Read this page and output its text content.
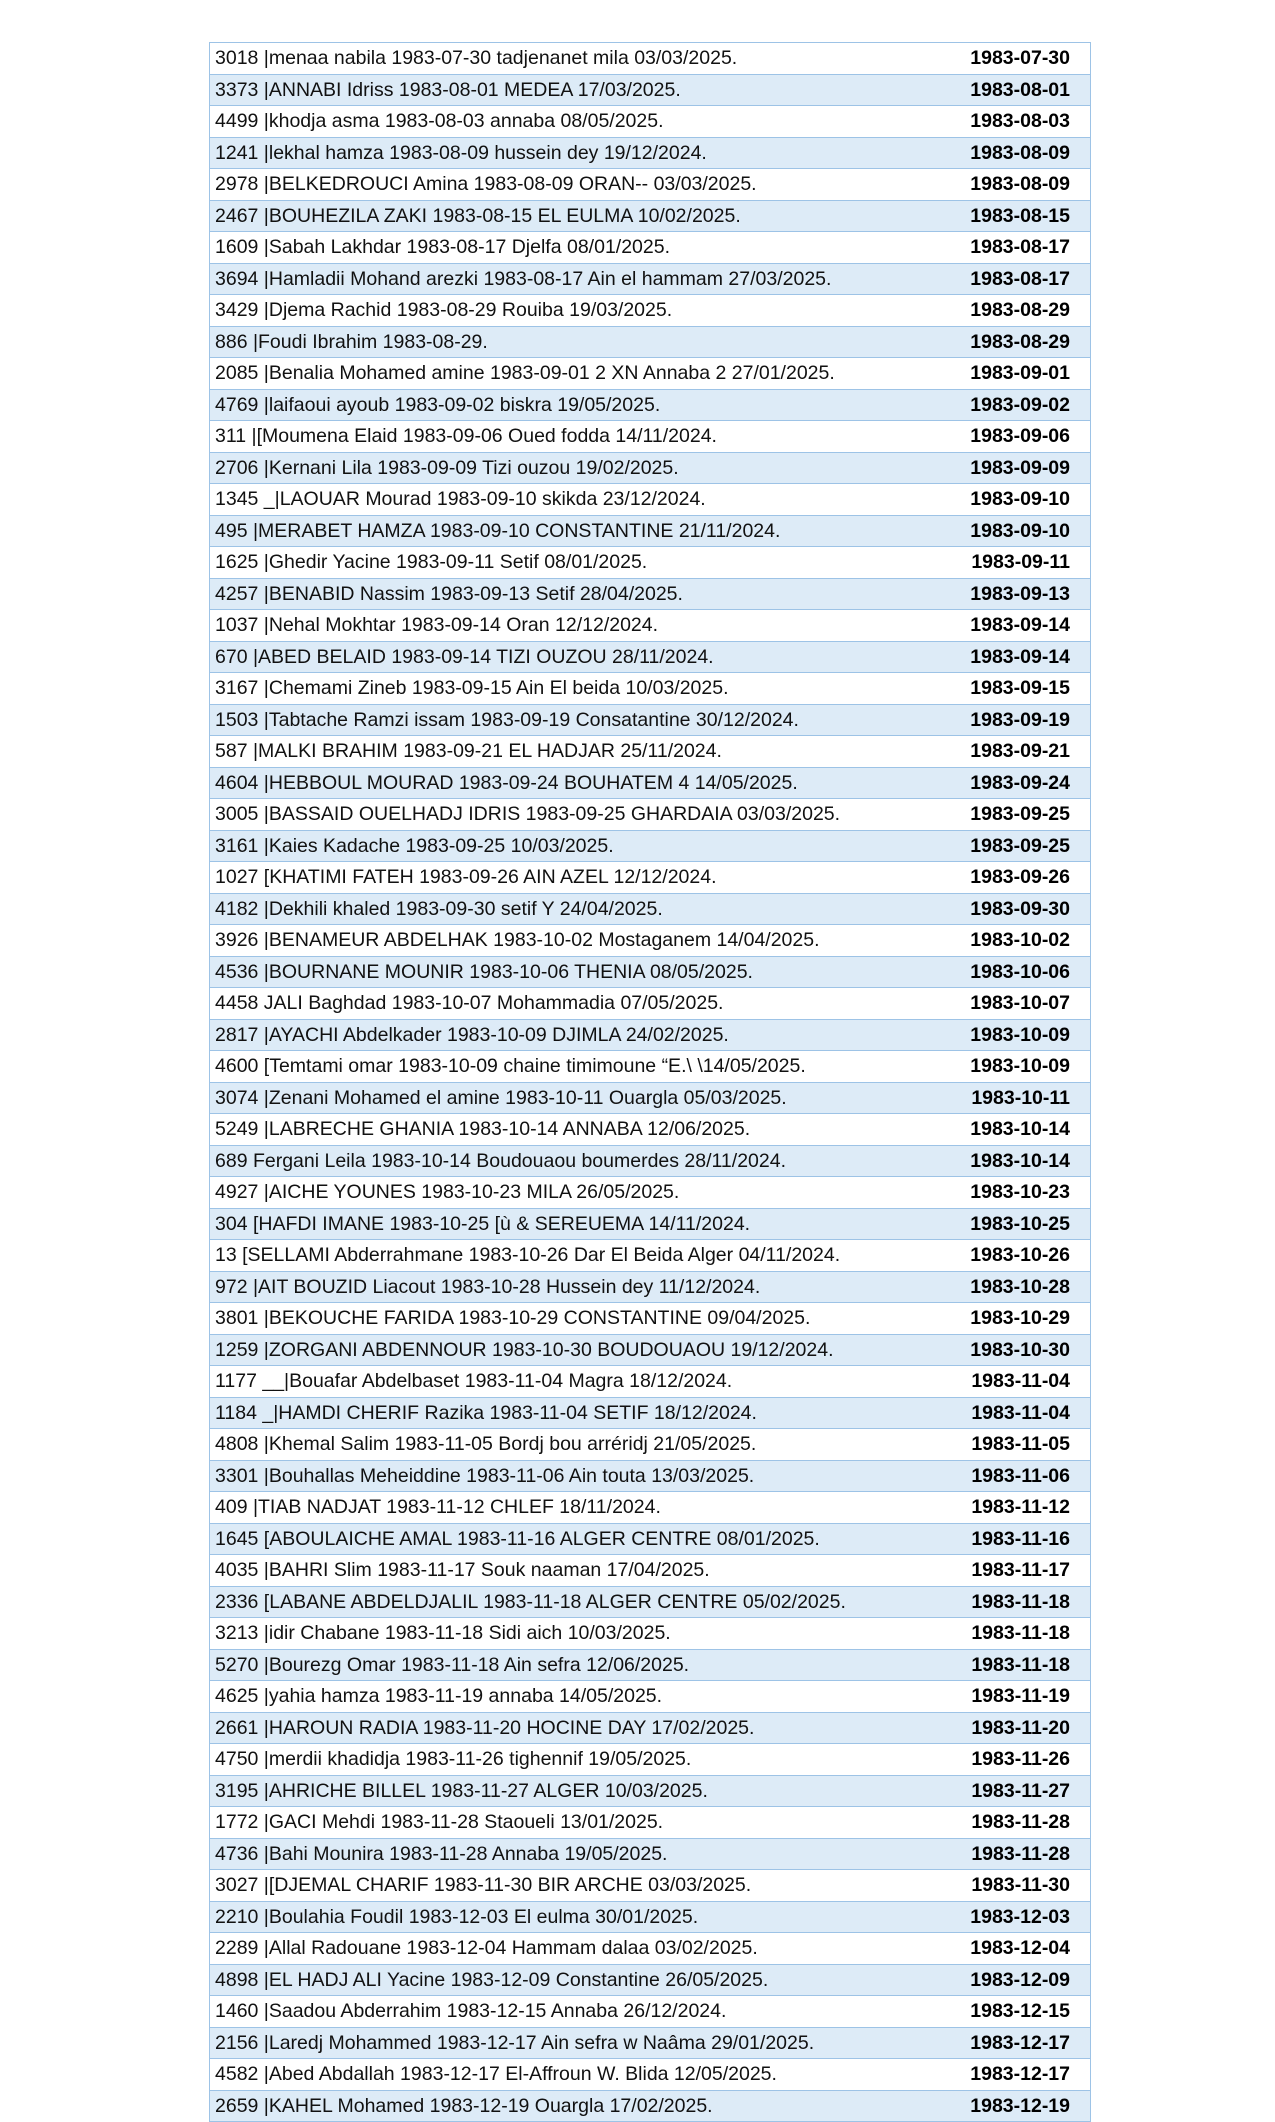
3018 |menaa nabila 1983-07-30 tadjenanet mila 03/03/2025.	1983-07-30
3373 |ANNABI Idriss 1983-08-01 MEDEA 17/03/2025.	1983-08-01
4499 |khodja asma 1983-08-03 annaba 08/05/2025.	1983-08-03
1241 |lekhal hamza 1983-08-09 hussein dey 19/12/2024.	1983-08-09
2978 |BELKEDROUCI Amina 1983-08-09 ORAN-- 03/03/2025.	1983-08-09
2467 |BOUHEZILA ZAKI 1983-08-15 EL EULMA 10/02/2025.	1983-08-15
1609 |Sabah Lakhdar 1983-08-17 Djelfa 08/01/2025.	1983-08-17
3694 |Hamladii Mohand arezki 1983-08-17 Ain el hammam 27/03/2025.	1983-08-17
3429 |Djema Rachid 1983-08-29 Rouiba 19/03/2025.	1983-08-29
886 |Foudi Ibrahim 1983-08-29.	1983-08-29
2085 |Benalia Mohamed amine 1983-09-01 2 XN Annaba 2 27/01/2025.	1983-09-01
4769 |laifaoui ayoub 1983-09-02 biskra 19/05/2025.	1983-09-02
311 |[Moumena Elaid 1983-09-06 Oued fodda 14/11/2024.	1983-09-06
2706 |Kernani Lila 1983-09-09 Tizi ouzou 19/02/2025.	1983-09-09
1345 _|LAOUAR Mourad 1983-09-10 skikda 23/12/2024.	1983-09-10
495 |MERABET HAMZA 1983-09-10 CONSTANTINE 21/11/2024.	1983-09-10
1625 |Ghedir Yacine 1983-09-11 Setif 08/01/2025.	1983-09-11
4257 |BENABID Nassim 1983-09-13 Setif 28/04/2025.	1983-09-13
1037 |Nehal Mokhtar 1983-09-14 Oran 12/12/2024.	1983-09-14
670 |ABED BELAID 1983-09-14 TIZI OUZOU 28/11/2024.	1983-09-14
3167 |Chemami Zineb 1983-09-15 Ain El beida 10/03/2025.	1983-09-15
1503 |Tabtache Ramzi issam 1983-09-19 Consatantine 30/12/2024.	1983-09-19
587 |MALKI BRAHIM 1983-09-21 EL HADJAR 25/11/2024.	1983-09-21
4604 |HEBBOUL MOURAD 1983-09-24 BOUHATEM 4 14/05/2025.	1983-09-24
3005 |BASSAID OUELHADJ IDRIS 1983-09-25 GHARDAIA 03/03/2025.	1983-09-25
3161 |Kaies Kadache 1983-09-25 10/03/2025.	1983-09-25
1027 [KHATIMI FATEH 1983-09-26 AIN AZEL 12/12/2024.	1983-09-26
4182 |Dekhili khaled 1983-09-30 setif Y 24/04/2025.	1983-09-30
3926 |BENAMEUR ABDELHAK 1983-10-02 Mostaganem 14/04/2025.	1983-10-02
4536 |BOURNANE MOUNIR 1983-10-06 THENIA 08/05/2025.	1983-10-06
4458 JALI Baghdad 1983-10-07 Mohammadia 07/05/2025.	1983-10-07
2817 |AYACHI Abdelkader 1983-10-09 DJIMLA 24/02/2025.	1983-10-09
4600 [Temtami omar 1983-10-09 chaine timimoune “E.\ \14/05/2025.	1983-10-09
3074 |Zenani Mohamed el amine 1983-10-11 Ouargla 05/03/2025.	1983-10-11
5249 |LABRECHE GHANIA 1983-10-14 ANNABA 12/06/2025.	1983-10-14
689 Fergani Leila 1983-10-14 Boudouaou boumerdes 28/11/2024.	1983-10-14
4927 |AICHE YOUNES 1983-10-23 MILA 26/05/2025.	1983-10-23
304 [HAFDI IMANE 1983-10-25 [ù & SEREUEMA 14/11/2024.	1983-10-25
13 [SELLAMI Abderrahmane 1983-10-26 Dar El Beida Alger 04/11/2024.	1983-10-26
972 |AIT BOUZID Liacout 1983-10-28 Hussein dey 11/12/2024.	1983-10-28
3801 |BEKOUCHE FARIDA 1983-10-29 CONSTANTINE 09/04/2025.	1983-10-29
1259 |ZORGANI ABDENNOUR 1983-10-30 BOUDOUAOU 19/12/2024.	1983-10-30
1177 __|Bouafar Abdelbaset 1983-11-04 Magra 18/12/2024.	1983-11-04
1184 _|HAMDI CHERIF Razika 1983-11-04 SETIF 18/12/2024.	1983-11-04
4808 |Khemal Salim 1983-11-05 Bordj bou arréridj 21/05/2025.	1983-11-05
3301 |Bouhallas Meheiddine 1983-11-06 Ain touta 13/03/2025.	1983-11-06
409 |TIAB NADJAT 1983-11-12 CHLEF 18/11/2024.	1983-11-12
1645 [ABOULAICHE AMAL 1983-11-16 ALGER CENTRE 08/01/2025.	1983-11-16
4035 |BAHRI Slim 1983-11-17 Souk naaman 17/04/2025.	1983-11-17
2336 [LABANE ABDELDJALIL 1983-11-18 ALGER CENTRE 05/02/2025.	1983-11-18
3213 |idir Chabane 1983-11-18 Sidi aich 10/03/2025.	1983-11-18
5270 |Bourezg Omar 1983-11-18 Ain sefra 12/06/2025.	1983-11-18
4625 |yahia hamza 1983-11-19 annaba 14/05/2025.	1983-11-19
2661 |HAROUN RADIA 1983-11-20 HOCINE DAY 17/02/2025.	1983-11-20
4750 |merdii khadidja 1983-11-26 tighennif 19/05/2025.	1983-11-26
3195 |AHRICHE BILLEL 1983-11-27 ALGER 10/03/2025.	1983-11-27
1772 |GACI Mehdi 1983-11-28 Staoueli 13/01/2025.	1983-11-28
4736 |Bahi Mounira 1983-11-28 Annaba 19/05/2025.	1983-11-28
3027 |[DJEMAL CHARIF 1983-11-30 BIR ARCHE 03/03/2025.	1983-11-30
2210 |Boulahia Foudil 1983-12-03 El eulma 30/01/2025.	1983-12-03
2289 |Allal Radouane 1983-12-04 Hammam dalaa 03/02/2025.	1983-12-04
4898 |EL HADJ ALI Yacine 1983-12-09 Constantine 26/05/2025.	1983-12-09
1460 |Saadou Abderrahim 1983-12-15 Annaba 26/12/2024.	1983-12-15
2156 |Laredj Mohammed 1983-12-17 Ain sefra w Naâma 29/01/2025.	1983-12-17
4582 |Abed Abdallah 1983-12-17 El-Affroun W. Blida 12/05/2025.	1983-12-17
2659 |KAHEL Mohamed 1983-12-19 Ouargla 17/02/2025.	1983-12-19
